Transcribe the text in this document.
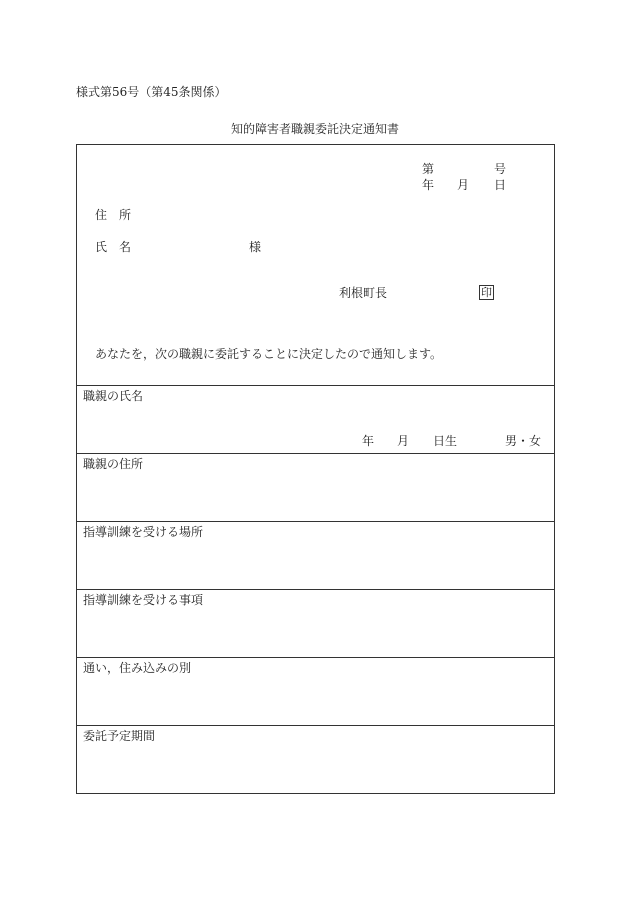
様式第56号（第45条関係）
知的障害者職親委託決定通知書
第	号
年 月 日
住　所
氏　名	様
利根町長	印
あなたを，次の職親に委託することに決定したので通知します。
職親の氏名
年 月 日生	男・女
職親の住所
指導訓練を受ける場所
指導訓練を受ける事項
通い，住み込みの別
委託予定期間
